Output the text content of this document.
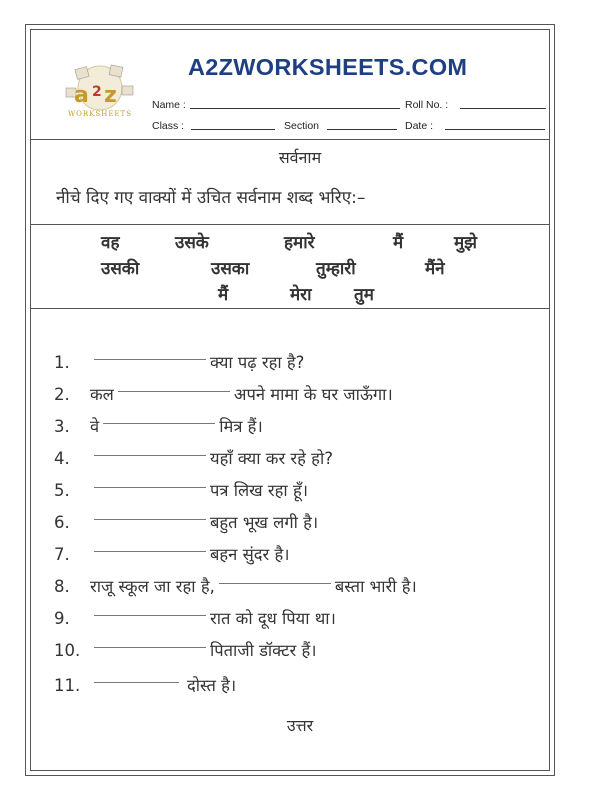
a 2 z
WORKSHEETS
A2ZWORKSHEETS.COM
Name :	Roll No. :
Class :	Section	Date :
सर्वनाम
नीचे दिए गए वाक्यों में उचित सर्वनाम शब्द भरिए:–
वह	उसके	हमारे	मैं	मुझे
उसकी	उसका	तुम्हारी	मैंने
मैं	मेरा तुम
1.	क्या पढ़ रहा है?
2. कल	अपने मामा के घर जाऊँगा।
3. वे	मित्र हैं।
4.	यहाँ क्या कर रहे हो?
5.	पत्र लिख रहा हूँ।
6.	बहुत भूख लगी है।
7.	बहन सुंदर है।
8. राजू स्कूल जा रहा है,	बस्ता भारी है।
9.	रात को दूध पिया था।
10.	पिताजी डॉक्टर हैं।
11.	दोस्त है।
उत्तर
